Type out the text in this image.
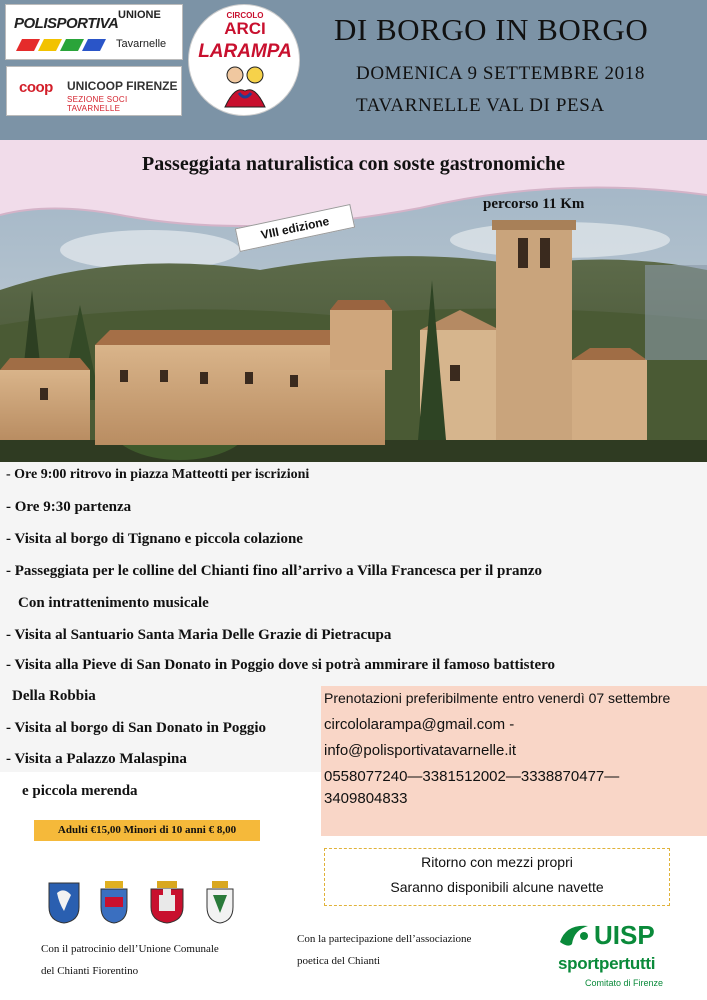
POLISPORTIVA UNIONE
Tavarnelle
coop UNICOOP FIRENZE
SEZIONE SOCI TAVARNELLE
CIRCOLO
ARCI
LARAMPA
DI BORGO IN BORGO
DOMENICA 9 SETTEMBRE 2018
TAVARNELLE VAL DI PESA
Passeggiata naturalistica con soste gastronomiche
percorso 11 Km
VIII edizione
- Ore 9:00 ritrovo in piazza Matteotti per iscrizioni
- Ore 9:30 partenza
- Visita al borgo di Tignano e piccola colazione
- Passeggiata per le colline del Chianti fino all’arrivo a Villa Francesca per il pranzo
Con intrattenimento musicale
- Visita al Santuario Santa Maria Delle Grazie di Pietracupa
- Visita alla Pieve di San Donato in Poggio dove si potrà ammirare il famoso battistero
Della Robbia
- Visita al borgo di San Donato in Poggio
- Visita a Palazzo Malaspina
e piccola merenda
Prenotazioni preferibilmente entro venerdì 07 settembre
circololarampa@gmail.com -
info@polisportivatavarnelle.it
0558077240—3381512002—3338870477—
3409804833
Adulti €15,00 Minori di 10 anni € 8,00
Ritorno con mezzi propri
Saranno disponibili alcune navette
Con il patrocinio dell’Unione Comunale
del Chianti Fiorentino
Con la partecipazione dell’associazione
poetica del Chianti
UISP
sportpertutti
Comitato di Firenze
